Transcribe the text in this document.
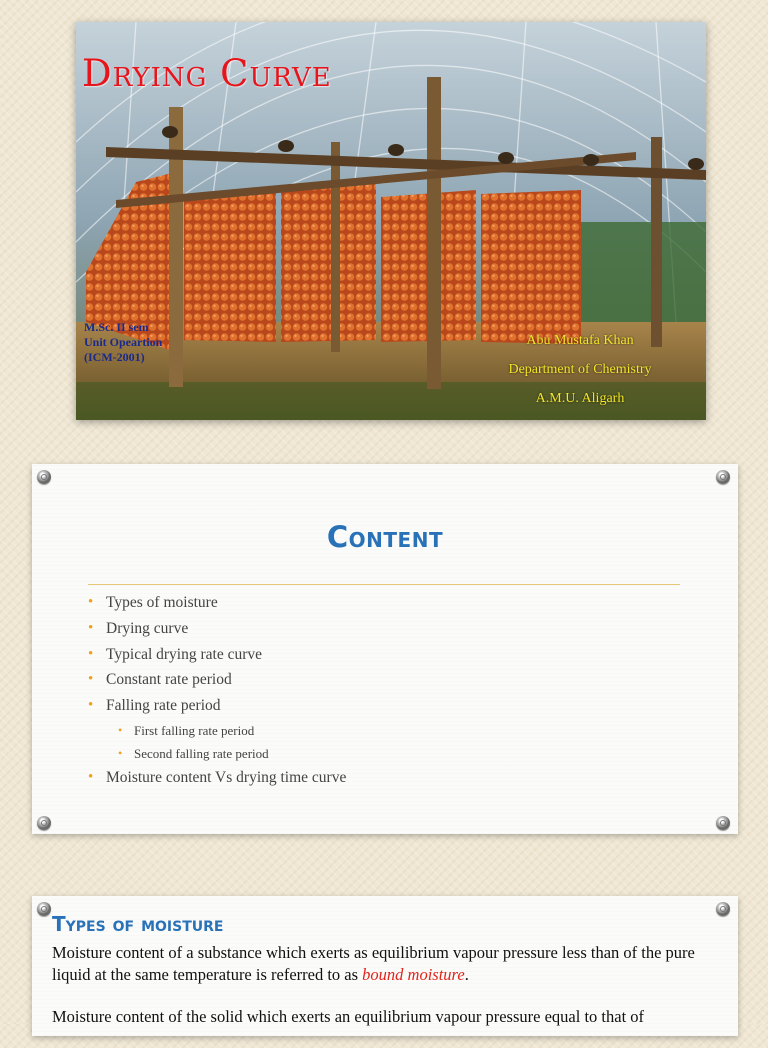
Drying Curve
M.Sc. II sem
Unit Opeartion
(ICM-2001)
Abu Mustafa Khan
Department of Chemistry
A.M.U. Aligarh
Content
• Types of moisture
• Drying curve
• Typical drying rate curve
• Constant rate period
• Falling rate period
• First falling rate period
• Second falling rate period
• Moisture content Vs drying time curve
Types of moisture

Moisture content of a substance which exerts as equilibrium vapour pressure less than of the pure liquid at the same temperature is referred to as bound moisture.

Moisture content of the solid which exerts an equilibrium vapour pressure equal to that of
